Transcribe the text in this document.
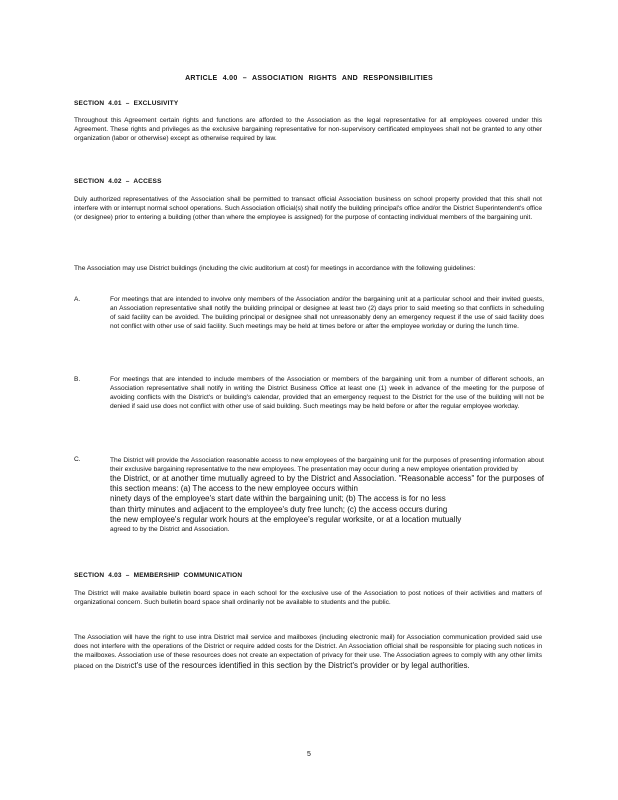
ARTICLE 4.00 – ASSOCIATION RIGHTS AND RESPONSIBILITIES
SECTION 4.01 – EXCLUSIVITY
Throughout this Agreement certain rights and functions are afforded to the Association as the legal representative for all employees covered under this Agreement. These rights and privileges as the exclusive bargaining representative for non-supervisory certificated employees shall not be granted to any other organization (labor or otherwise) except as otherwise required by law.
SECTION 4.02 – ACCESS
Duly authorized representatives of the Association shall be permitted to transact official Association business on school property provided that this shall not interfere with or interrupt normal school operations. Such Association official(s) shall notify the building principal's office and/or the District Superintendent's office (or designee) prior to entering a building (other than where the employee is assigned) for the purpose of contacting individual members of the bargaining unit.
The Association may use District buildings (including the civic auditorium at cost) for meetings in accordance with the following guidelines:
A.	For meetings that are intended to involve only members of the Association and/or the bargaining unit at a particular school and their invited guests, an Association representative shall notify the building principal or designee at least two (2) days prior to said meeting so that conflicts in scheduling of said facility can be avoided. The building principal or designee shall not unreasonably deny an emergency request if the use of said facility does not conflict with other use of said facility. Such meetings may be held at times before or after the employee workday or during the lunch time.
B.	For meetings that are intended to include members of the Association or members of the bargaining unit from a number of different schools, an Association representative shall notify in writing the District Business Office at least one (1) week in advance of the meeting for the purpose of avoiding conflicts with the District's or building's calendar, provided that an emergency request to the District for the use of the building will not be denied if said use does not conflict with other use of said building. Such meetings may be held before or after the regular employee workday.
C.	The District will provide the Association reasonable access to new employees of the bargaining unit for the purposes of presenting information about their exclusive bargaining representative to the new employees. The presentation may occur during a new employee orientation provided by
the District, or at another time mutually agreed to by the District and Association. "Reasonable access" for the purposes of this section means: (a) The access to the new employee occurs within
ninety days of the employee's start date within the bargaining unit; (b) The access is for no less
than thirty minutes and adjacent to the employee's duty free lunch; (c) the access occurs during
the new employee's regular work hours at the employee's regular worksite, or at a location mutually
agreed to by the District and Association.
SECTION 4.03 – MEMBERSHIP COMMUNICATION
The District will make available bulletin board space in each school for the exclusive use of the Association to post notices of their activities and matters of organizational concern. Such bulletin board space shall ordinarily not be available to students and the public.
The Association will have the right to use intra District mail service and mailboxes (including electronic mail) for Association communication provided said use does not interfere with the operations of the District or require added costs for the District. An Association official shall be responsible for placing such notices in the mailboxes. Association use of these resources does not create an expectation of privacy for their use. The Association agrees to comply with any other limits placed on the District's use of the resources identified in this section by the District's provider or by legal authorities.
5
